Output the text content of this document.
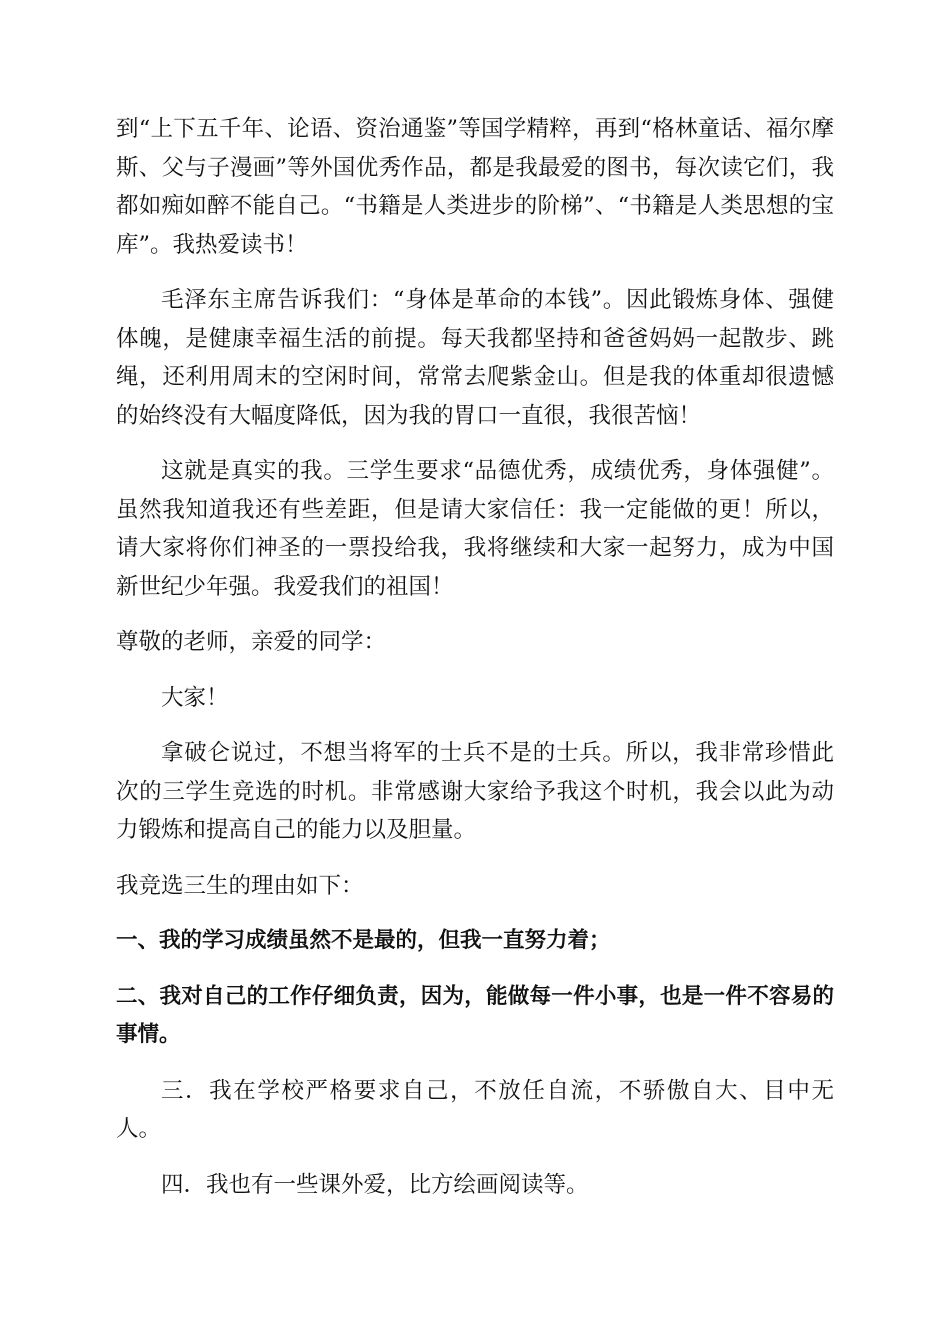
到“上下五千年、论语、资治通鉴”等国学精粹，再到“格林童话、福尔摩斯、父与子漫画”等外国优秀作品，都是我最爱的图书，每次读它们，我都如痴如醉不能自己。“书籍是人类进步的阶梯”、“书籍是人类思想的宝库”。我热爱读书！

毛泽东主席告诉我们：“身体是革命的本钱”。因此锻炼身体、强健体魄，是健康幸福生活的前提。每天我都坚持和爸爸妈妈一起散步、跳绳，还利用周末的空闲时间，常常去爬紫金山。但是我的体重却很遗憾的始终没有大幅度降低，因为我的胃口一直很，我很苦恼！

这就是真实的我。三学生要求“品德优秀，成绩优秀，身体强健”。虽然我知道我还有些差距，但是请大家信任：我一定能做的更！所以，请大家将你们神圣的一票投给我，我将继续和大家一起努力，成为中国新世纪少年强。我爱我们的祖国！

尊敬的老师，亲爱的同学：

大家！

拿破仑说过，不想当将军的士兵不是的士兵。所以，我非常珍惜此次的三学生竞选的时机。非常感谢大家给予我这个时机，我会以此为动力锻炼和提高自己的能力以及胆量。

我竞选三生的理由如下：

一、我的学习成绩虽然不是最的，但我一直努力着；

二、我对自己的工作仔细负责，因为，能做每一件小事，也是一件不容易的事情。

三．我在学校严格要求自己，不放任自流，不骄傲自大、目中无人。

四．我也有一些课外爱，比方绘画阅读等。
